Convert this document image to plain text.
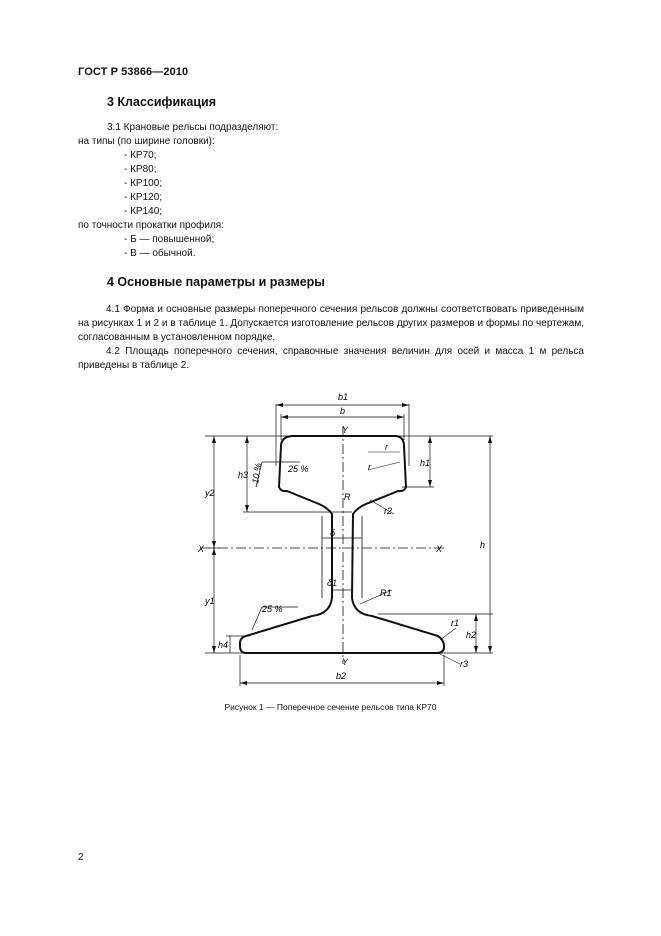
ГОСТ Р 53866—2010
3 Классификация
3.1 Крановые рельсы подразделяют:
на типы (по ширине головки):
- КР70;
- КР80;
- КР100;
- КР120;
- КР140;
по точности прокатки профиля:
- Б — повышенной;
- В — обычной.
4 Основные параметры и размеры
4.1 Форма и основные размеры поперечного сечения рельсов должны соответствовать приведенным на рисунках 1 и 2 и в таблице 1. Допускается изготовление рельсов других размеров и формы по чертежам, согласованным в установленном порядке.
4.2 Площадь поперечного сечения, справочные значения величин для осей и масса 1 м рельса приведены в таблице 2.
b1
b
Y
Y
X	X
y2
y1
h3
h4
h1
h2
h
r
r
r2
R1
r1
r3
R
δ
δ1
25 %
25 %
10 %
b2
Рисунок 1 — Поперечное сечение рельсов типа КР70
2
